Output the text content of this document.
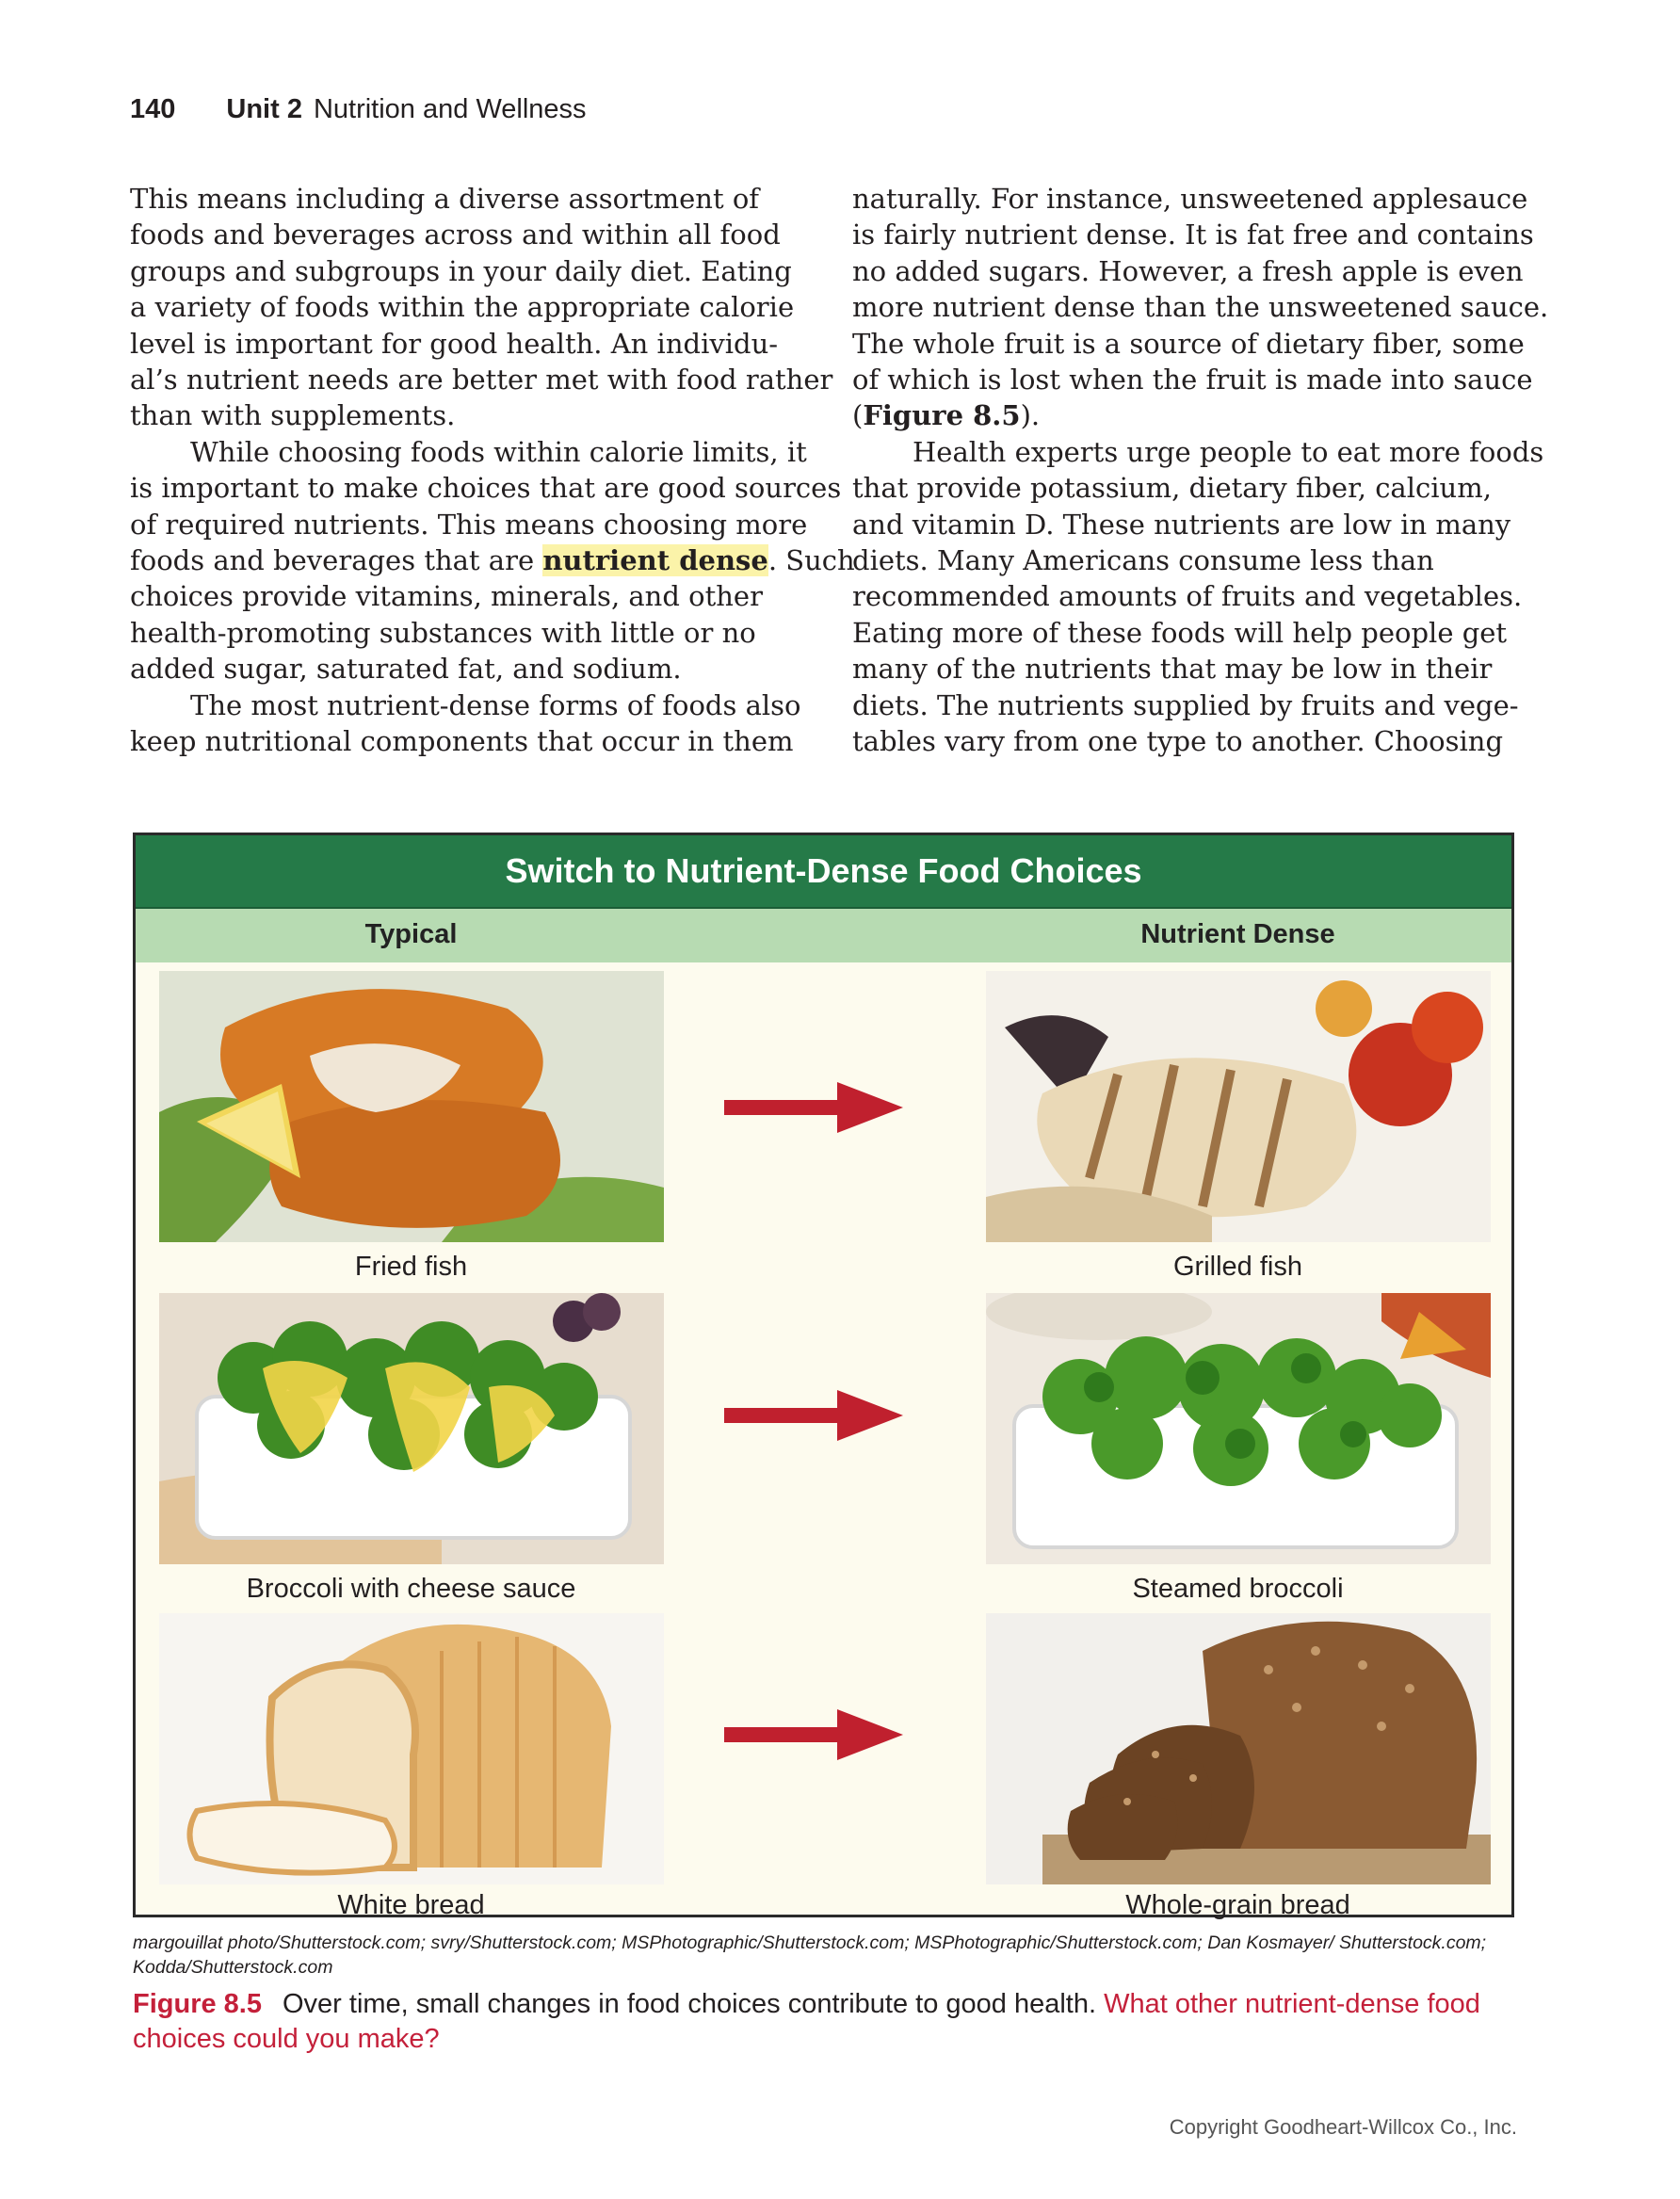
140 Unit 2 Nutrition and Wellness
This means including a diverse assortment of
foods and beverages across and within all food
groups and subgroups in your daily diet. Eating
a variety of foods within the appropriate calorie
level is important for good health. An individu-
al’s nutrient needs are better met with food rather
than with supplements.
While choosing foods within calorie limits, it
is important to make choices that are good sources
of required nutrients. This means choosing more
foods and beverages that are nutrient dense. Such
choices provide vitamins, minerals, and other
health-promoting substances with little or no
added sugar, saturated fat, and sodium.
The most nutrient-dense forms of foods also
keep nutritional components that occur in them
naturally. For instance, unsweetened applesauce
is fairly nutrient dense. It is fat free and contains
no added sugars. However, a fresh apple is even
more nutrient dense than the unsweetened sauce.
The whole fruit is a source of dietary fiber, some
of which is lost when the fruit is made into sauce
(Figure 8.5).
Health experts urge people to eat more foods
that provide potassium, dietary fiber, calcium,
and vitamin D. These nutrients are low in many
diets. Many Americans consume less than
recommended amounts of fruits and vegetables.
Eating more of these foods will help people get
many of the nutrients that may be low in their
diets. The nutrients supplied by fruits and vege-
tables vary from one type to another. Choosing
Switch to Nutrient-Dense Food Choices
Typical	Nutrient Dense
Fried fish	Grilled fish
Broccoli with cheese sauce	Steamed broccoli
White bread	Whole-grain bread
margouillat photo/Shutterstock.com; svry/Shutterstock.com; MSPhotographic/Shutterstock.com; MSPhotographic/Shutterstock.com; Dan Kosmayer/ Shutterstock.com; Kodda/Shutterstock.com
Figure 8.5 Over time, small changes in food choices contribute to good health. What other nutrient-dense food choices could you make?
Copyright Goodheart-Willcox Co., Inc.
